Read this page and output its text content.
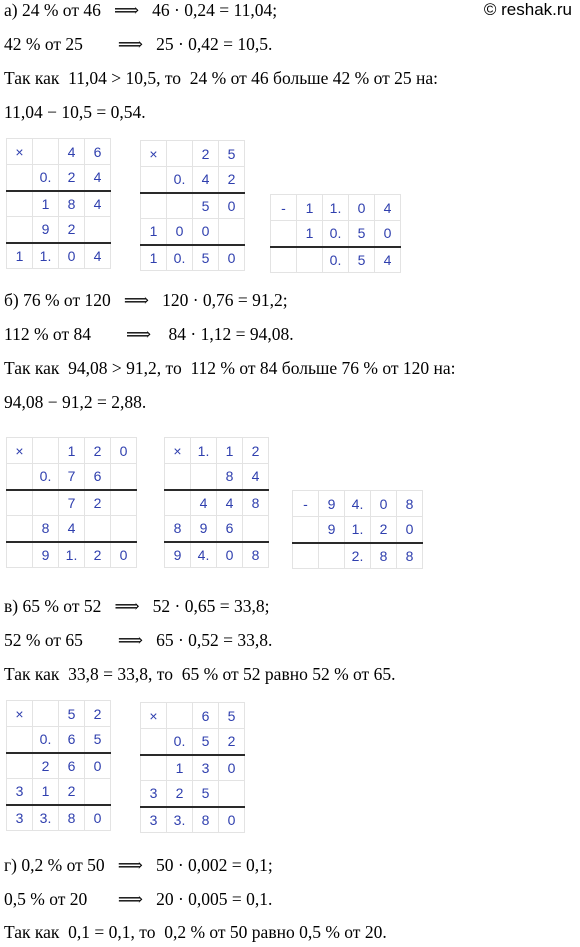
© reshak.ru
а) 24 % от 46   ⟹   46 · 0,24 = 11,04;
42 % от 25        ⟹   25 · 0,42 = 10,5.
Так как  11,04 > 10,5, то  24 % от 46 больше 42 % от 25 на:
11,04 − 10,5 = 0,54.
×		4	6
	0.	2	4
	1	8	4
	9	2	
1	1.	0	4
×		2	5
	0.	4	2
		5	0
1	0	0	
1	0.	5	0
-	1	1.	0	4
	1	0.	5	0
		0.	5	4
б) 76 % от 120   ⟹   120 · 0,76 = 91,2;
112 % от 84        ⟹    84 · 1,12 = 94,08.
Так как  94,08 > 91,2, то  112 % от 84 больше 76 % от 120 на:
94,08 − 91,2 = 2,88.
×		1	2	0
	0.	7	6	
		7	2	
	8	4		
	9	1.	2	0
×	1.	1	2
		8	4
	4	4	8
8	9	6	
9	4.	0	8
-	9	4.	0	8
	9	1.	2	0
		2.	8	8
в) 65 % от 52   ⟹   52 · 0,65 = 33,8;
52 % от 65        ⟹   65 · 0,52 = 33,8.
Так как  33,8 = 33,8, то  65 % от 52 равно 52 % от 65.
×		5	2
	0.	6	5
	2	6	0
3	1	2	
3	3.	8	0
×		6	5
	0.	5	2
	1	3	0
3	2	5	
3	3.	8	0
г) 0,2 % от 50   ⟹   50 · 0,002 = 0,1;
0,5 % от 20       ⟹   20 · 0,005 = 0,1.
Так как  0,1 = 0,1, то  0,2 % от 50 равно 0,5 % от 20.
